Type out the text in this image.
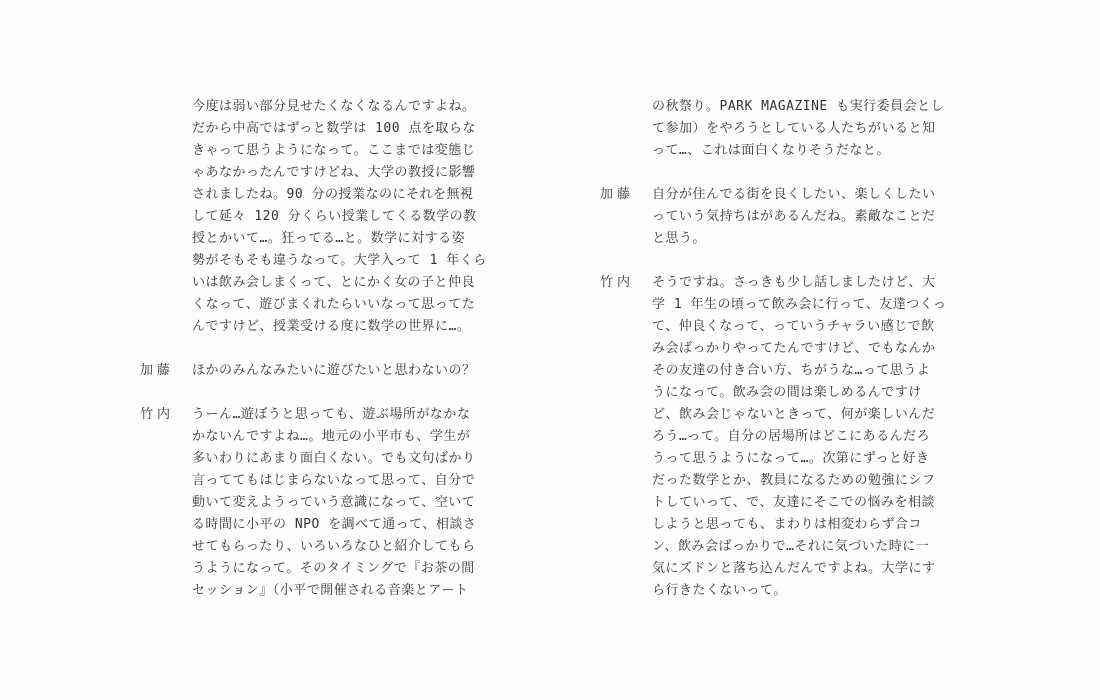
今度は弱い部分見せたくなくなるんですよね。
だから中高ではずっと数学は 100 点を取らな
きゃって思うようになって。ここまでは変態じ
ゃあなかったんですけどね、大学の教授に影響
されましたね。90 分の授業なのにそれを無視
して延々 120 分くらい授業してくる数学の教
授とかいて…。狂ってる…と。数学に対する姿
勢がそもそも違うなって。大学入って 1 年くら
いは飲み会しまくって、とにかく女の子と仲良
くなって、遊びまくれたらいいなって思ってた
んですけど、授業受ける度に数学の世界に…。
加藤	ほかのみんなみたいに遊びたいと思わないの？
竹内	うーん…遊ぼうと思っても、遊ぶ場所がなかな
かないんですよね…。地元の小平市も、学生が
多いわりにあまり面白くない。でも文句ばかり
言っててもはじまらないなって思って、自分で
動いて変えようっていう意識になって、空いて
る時間に小平の NPO を調べて通って、相談さ
せてもらったり、いろいろなひと紹介してもら
うようになって。そのタイミングで『お茶の間
セッション』（小平で開催される音楽とアート
の秋祭り。PARK MAGAZINE も実行委員会とし
て参加）をやろうとしている人たちがいると知
って…、これは面白くなりそうだなと。
加藤	自分が住んでる街を良くしたい、楽しくしたい
っていう気持ちはがあるんだね。素敵なことだ
と思う。
竹内	そうですね。さっきも少し話しましたけど、大
学 1 年生の頃って飲み会に行って、友達つくっ
て、仲良くなって、っていうチャラい感じで飲
み会ばっかりやってたんですけど、でもなんか
その友達の付き合い方、ちがうな…って思うよ
うになって。飲み会の間は楽しめるんですけ
ど、飲み会じゃないときって、何が楽しいんだ
ろう…って。自分の居場所はどこにあるんだろ
うって思うようになって…。次第にずっと好き
だった数学とか、教員になるための勉強にシフ
トしていって、で、友達にそこでの悩みを相談
しようと思っても、まわりは相変わらず合コ
ン、飲み会ばっかりで…それに気づいた時に一
気にズドンと落ち込んだんですよね。大学にす
ら行きたくないって。
